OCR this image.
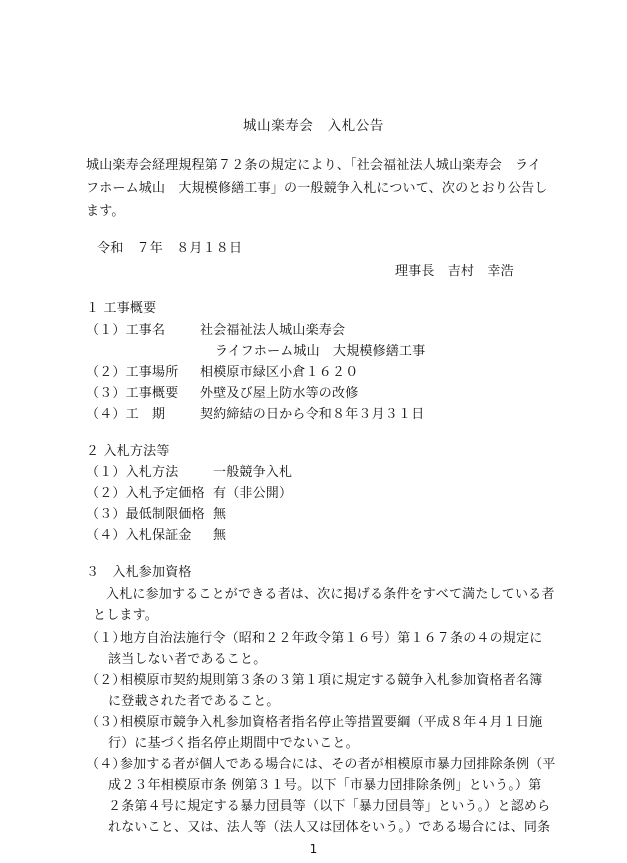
城山楽寿会　入札公告
城山楽寿会経理規程第７２条の規定により、「社会福祉法人城山楽寿会　ライ
フホーム城山　大規模修繕工事」の一般競争入札について、次のとおり公告し
ます。
令和　７年　８月１８日
理事長　吉村　幸浩
１ 工事概要
（１）工事名	社会福祉法人城山楽寿会
ライフホーム城山　大規模修繕工事
（２）工事場所 相模原市緑区小倉１６２０
（３）工事概要 外壁及び屋上防水等の改修
（４）工　期	契約締結の日から令和８年３月３１日
２ 入札方法等
（１）入札方法	一般競争入札
（２）入札予定価格 有（非公開）
（３）最低制限価格 無
（４）入札保証金 無
３　入札参加資格
入札に参加することができる者は、次に掲げる条件をすべて満たしている者
とします。
（１）
地方自治法施行令（昭和２２年政令第１６号）第１６７条の４の規定に
該当しない者であること。
（２）
相模原市契約規則第３条の３第１項に規定する競争入札参加資格者名簿
に登載された者であること。
（３）
相模原市競争入札参加資格者指名停止等措置要綱（平成８年４月１日施
行）に基づく指名停止期間中でないこと。
（４）
参加する者が個人である場合には、その者が相模原市暴力団排除条例（平
成２３年相模原市条 例第３１号。以下「市暴力団排除条例」という。）第
２条第４号に規定する暴力団員等（以下「暴力団員等」という。）と認めら
れないこと、又は、法人等（法人又は団体をいう。）である場合には、同条
1
